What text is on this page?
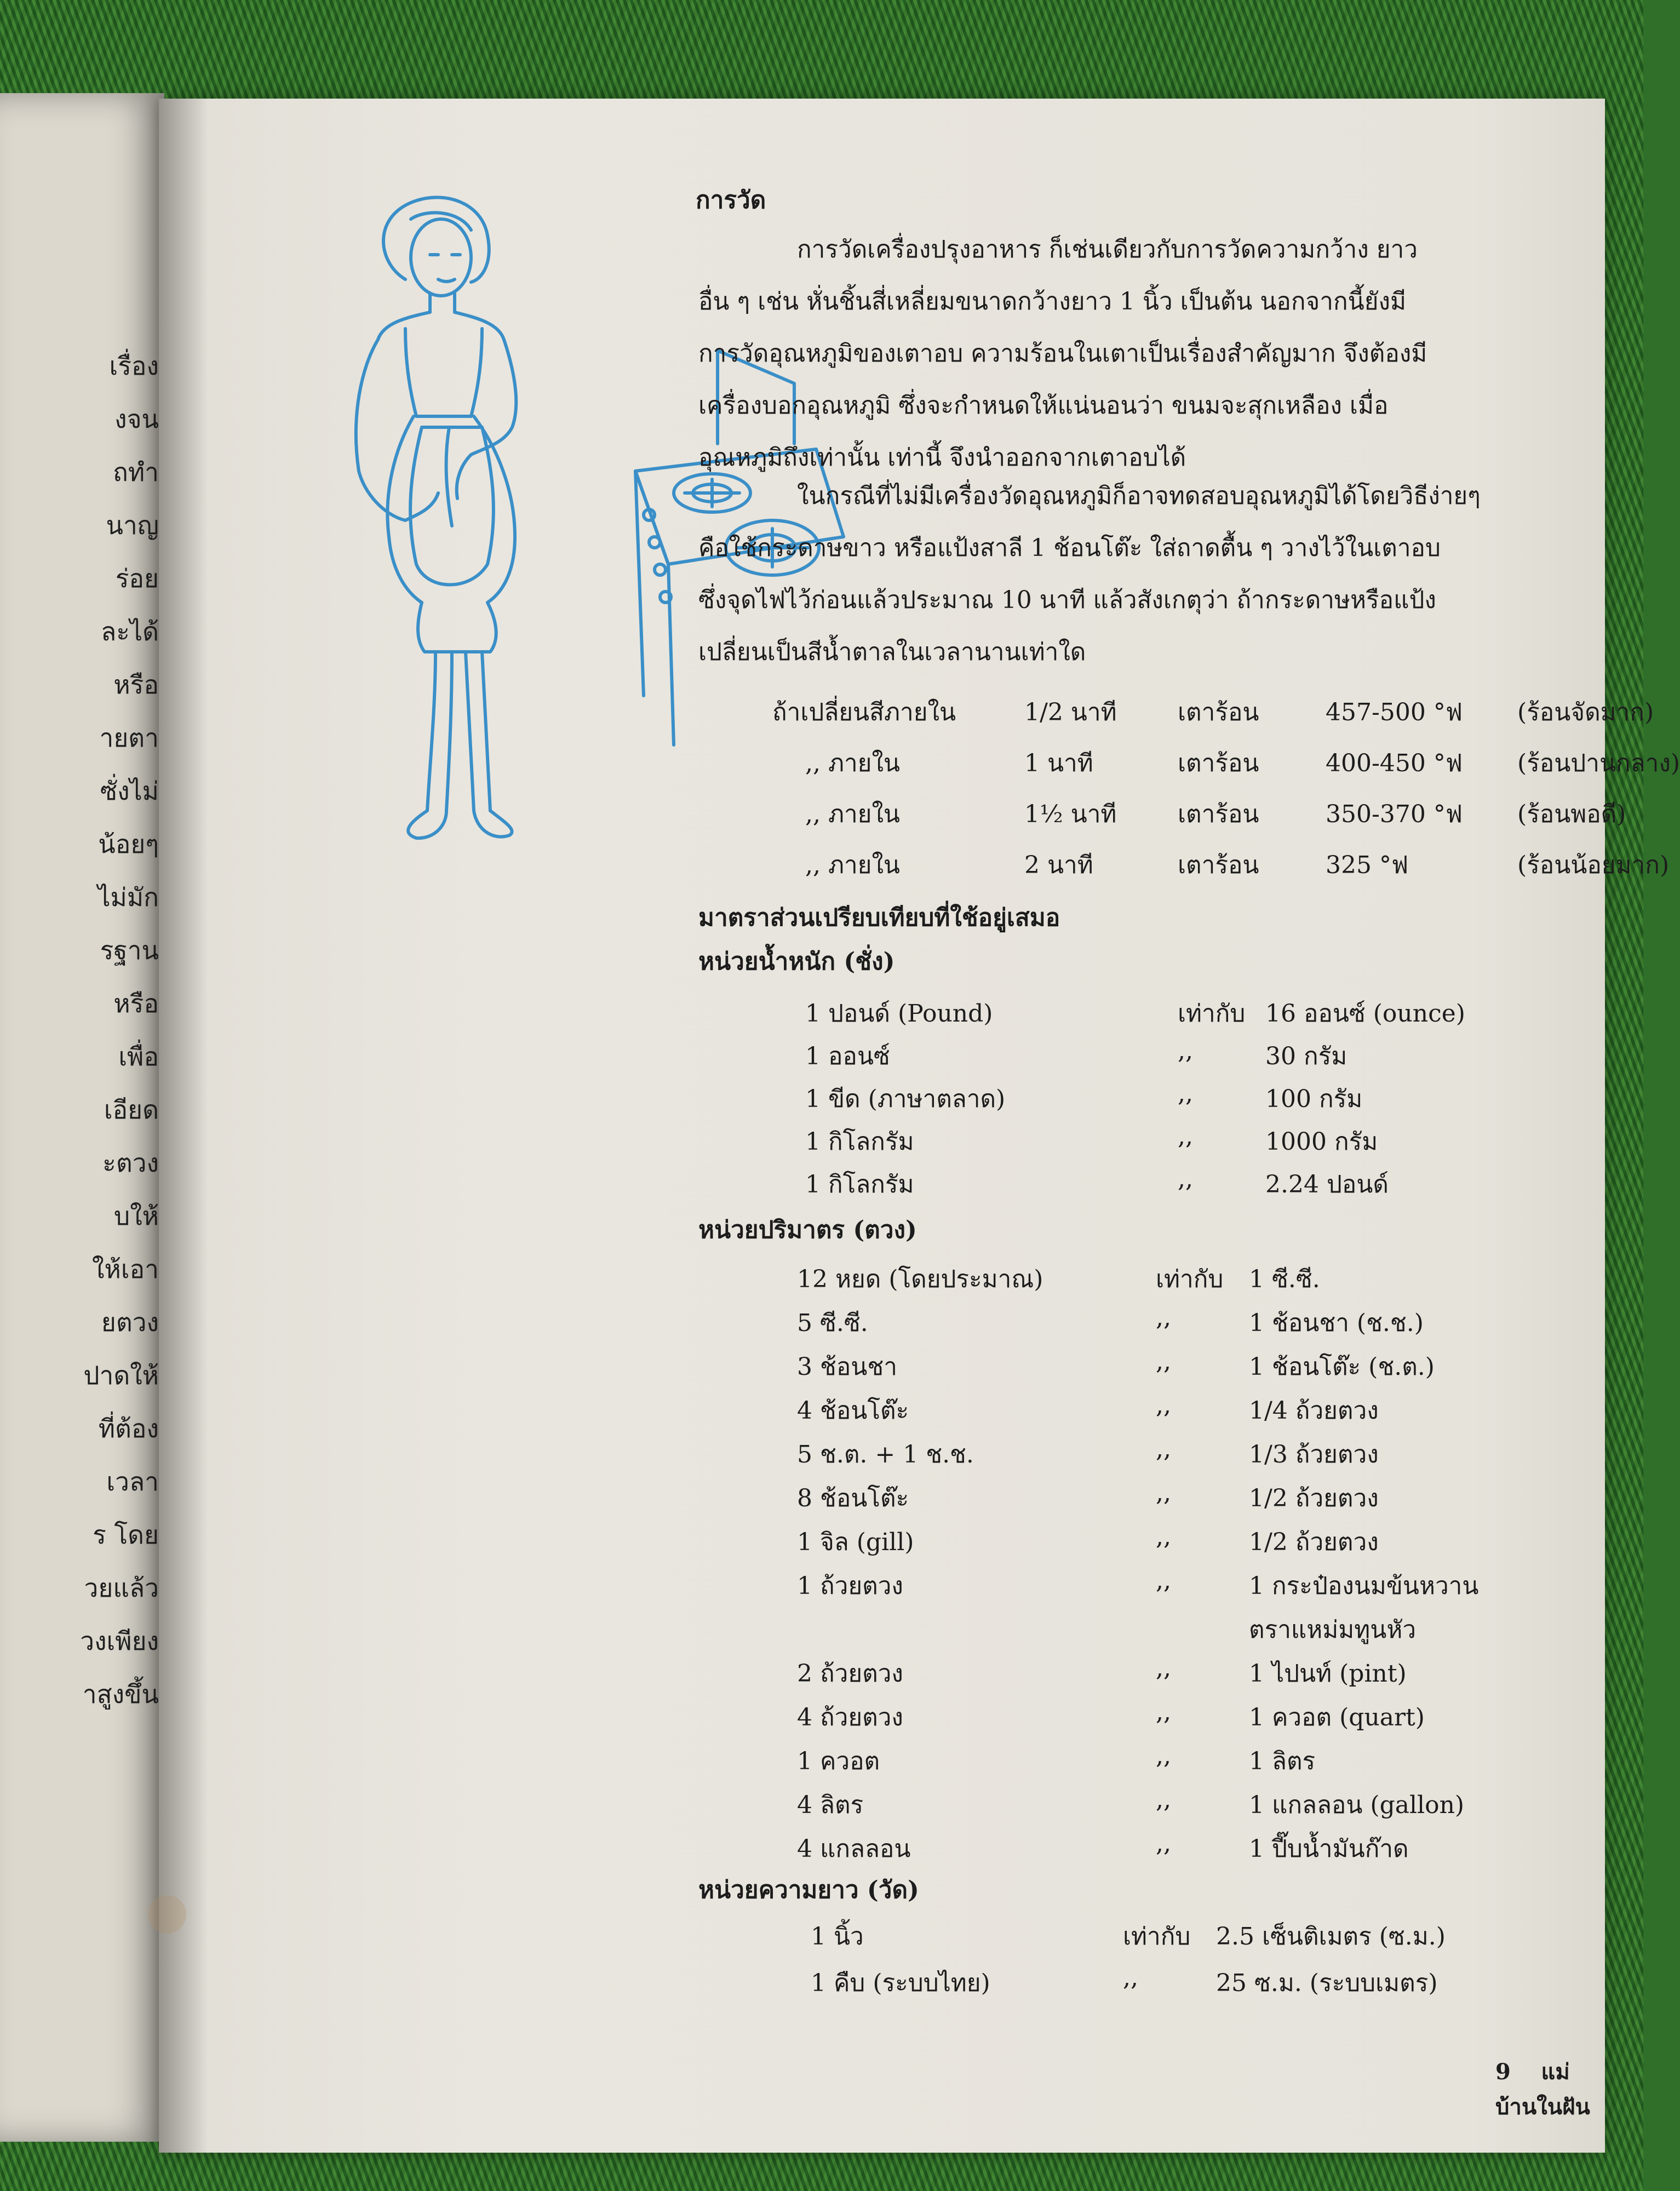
เรื่อง
งจน
ถทำ
นาญ
ร่อย
ละได้
หรือ
ายตา
ซั่งไม่
น้อยๆ
ไม่มัก
รฐาน
หรือ
เพื่อ
เอียด
ะตวง
บให้
ให้เอา
ยตวง
ปาดให้
ที่ต้อง
เวลา
ร โดย
วยแล้ว
วงเพียง
าสูงขึ้น
การวัด
การวัดเครื่องปรุงอาหาร ก็เช่นเดียวกับการวัดความกว้าง ยาว
อื่น ๆ เช่น หั่นชิ้นสี่เหลี่ยมขนาดกว้างยาว 1 นิ้ว เป็นต้น นอกจากนี้ยังมี
การวัดอุณหภูมิของเตาอบ ความร้อนในเตาเป็นเรื่องสำคัญมาก จึงต้องมี
เครื่องบอกอุณหภูมิ ซึ่งจะกำหนดให้แน่นอนว่า ขนมจะสุกเหลือง เมื่อ
อุณหภูมิถึงเท่านั้น เท่านี้ จึงนำออกจากเตาอบได้
ในกรณีที่ไม่มีเครื่องวัดอุณหภูมิก็อาจทดสอบอุณหภูมิได้โดยวิธีง่ายๆ
คือใช้กระดาษขาว หรือแป้งสาลี 1 ช้อนโต๊ะ ใส่ถาดตื้น ๆ วางไว้ในเตาอบ
ซึ่งจุดไฟไว้ก่อนแล้วประมาณ 10 นาที แล้วสังเกตุว่า ถ้ากระดาษหรือแป้ง
เปลี่ยนเป็นสีน้ำตาลในเวลานานเท่าใด
ถ้าเปลี่ยนสีภายใน	1/2 นาที	เตาร้อน	457-500 °ฟ (ร้อนจัดมาก)
,, ภายใน	1 นาที	เตาร้อน	400-450 °ฟ (ร้อนปานกลาง)
,, ภายใน	1½ นาที	เตาร้อน	350-370 °ฟ (ร้อนพอดี)
,, ภายใน	2 นาที	เตาร้อน	325 °ฟ	(ร้อนน้อยมาก)
มาตราส่วนเปรียบเทียบที่ใช้อยู่เสมอ
หน่วยน้ำหนัก (ชั่ง)
1 ปอนด์ (Pound)	เท่ากับ 16 ออนซ์ (ounce)
1 ออนซ์	,,	30 กรัม
1 ขีด (ภาษาตลาด)	,,	100 กรัม
1 กิโลกรัม	,,	1000 กรัม
1 กิโลกรัม	,,	2.24 ปอนด์
หน่วยปริมาตร (ตวง)
12 หยด (โดยประมาณ)	เท่ากับ 1 ซี.ซี.
5 ซี.ซี.	,,	1 ช้อนชา (ช.ช.)
3 ช้อนชา	,,	1 ช้อนโต๊ะ (ช.ต.)
4 ช้อนโต๊ะ	,,	1/4 ถ้วยตวง
5 ช.ต. + 1 ช.ช.	,,	1/3 ถ้วยตวง
8 ช้อนโต๊ะ	,,	1/2 ถ้วยตวง
1 จิล (gill)	,,	1/2 ถ้วยตวง
1 ถ้วยตวง	,,	1 กระป๋องนมข้นหวาน
ตราแหม่มทูนหัว
2 ถ้วยตวง	,,	1 ไปนท์ (pint)
4 ถ้วยตวง	,,	1 ควอต (quart)
1 ควอต	,,	1 ลิตร
4 ลิตร	,,	1 แกลลอน (gallon)
4 แกลลอน	,,	1 ปี๊บน้ำมันก๊าด
หน่วยความยาว (วัด)
1 นิ้ว	เท่ากับ 2.5 เซ็นติเมตร (ซ.ม.)
1 คืบ (ระบบไทย)	,,	25 ซ.ม. (ระบบเมตร)
9 แม่บ้านในฝัน
